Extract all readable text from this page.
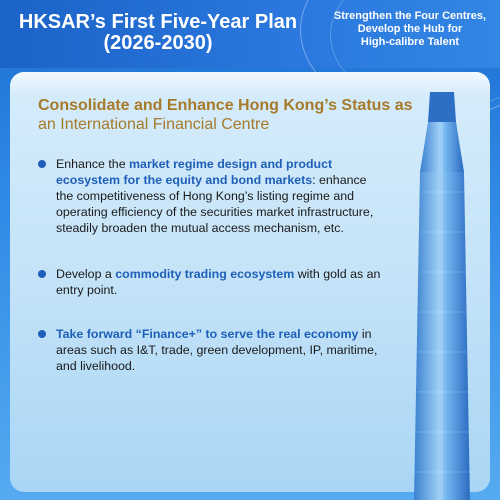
HKSAR’s First Five-Year Plan
(2026-2030)
Strengthen the Four Centres,
Develop the Hub for
High-calibre Talent
Consolidate and Enhance Hong Kong’s Status as
an International Financial Centre
Enhance the market regime design and product ecosystem for the equity and bond markets: enhance the competitiveness of Hong Kong’s listing regime and operating efficiency of the securities market infrastructure, steadily broaden the mutual access mechanism, etc.
Develop a commodity trading ecosystem with gold as an entry point.
Take forward “Finance+” to serve the real economy in areas such as I&T, trade, green development, IP, maritime, and livelihood.
